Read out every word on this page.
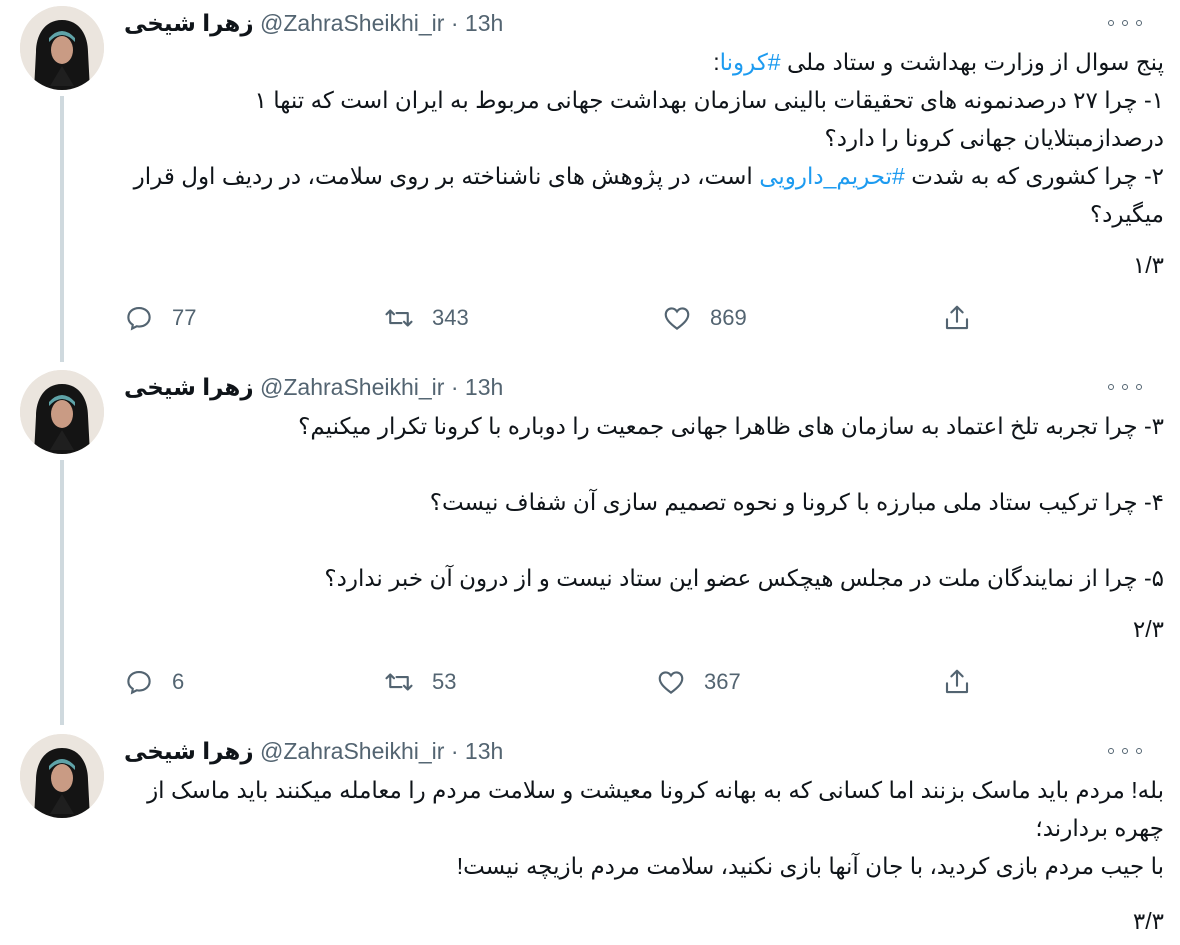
زهرا شیخی @ZahraSheikhi_ir · 13h
پنج سوال از وزارت بهداشت و ستاد ملی #کرونا:
۱- چرا ۲۷ درصدنمونه های تحقیقات بالینی سازمان بهداشت جهانی مربوط به ایران است که تنها ۱ درصدازمبتلایان جهانی کرونا را دارد؟
۲- چرا کشوری که به شدت #تحریم_دارویی است، در پژوهش های ناشناخته بر روی سلامت، در ردیف اول قرار میگیرد؟
۱/۳
77	343	869
زهرا شیخی @ZahraSheikhi_ir · 13h
۳- چرا تجربه تلخ اعتماد به سازمان های ظاهرا جهانی جمعیت را دوباره با کرونا تکرار میکنیم؟

۴- چرا ترکیب ستاد ملی مبارزه با کرونا و نحوه تصمیم سازی آن شفاف نیست؟

۵- چرا از نمایندگان ملت در مجلس هیچکس عضو این ستاد نیست و از درون آن خبر ندارد؟
۲/۳
6	53	367
زهرا شیخی @ZahraSheikhi_ir · 13h
بله! مردم باید ماسک بزنند اما کسانی که به بهانه کرونا معیشت و سلامت مردم را معامله میکنند باید ماسک از چهره بردارند؛
با جیب مردم بازی کردید، با جان آنها بازی نکنید، سلامت مردم بازیچه نیست!
۳/۳
